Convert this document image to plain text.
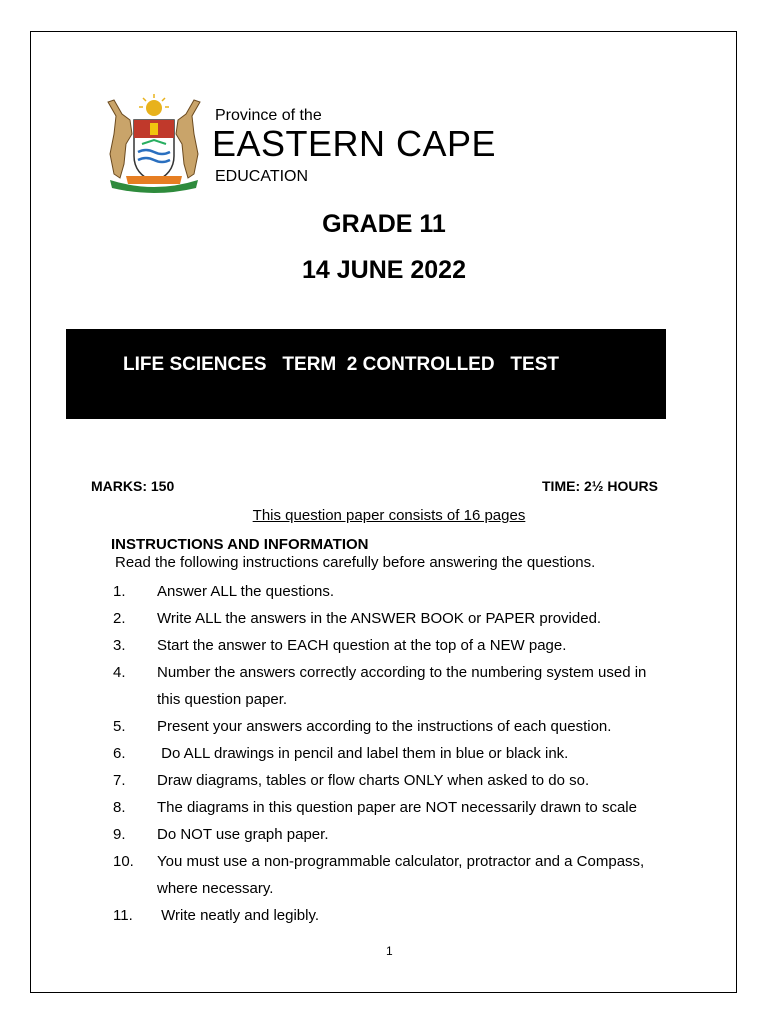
Province of the
EASTERN CAPE
EDUCATION
GRADE 11
14 JUNE 2022
LIFE SCIENCES   TERM  2 CONTROLLED   TEST
MARKS: 150	TIME: 2½ HOURS
This question paper consists of 16 pages
INSTRUCTIONS AND INFORMATION
Read the following instructions carefully before answering the questions.
1. Answer ALL the questions.
2. Write ALL the answers in the ANSWER BOOK or PAPER provided.
3. Start the answer to EACH question at the top of a NEW page.
4. Number the answers correctly according to the numbering system used in this question paper.
5. Present your answers according to the instructions of each question.
6. Do ALL drawings in pencil and label them in blue or black ink.
7. Draw diagrams, tables or flow charts ONLY when asked to do so.
8. The diagrams in this question paper are NOT necessarily drawn to scale
9. Do NOT use graph paper.
10. You must use a non-programmable calculator, protractor and a Compass, where necessary.
11. Write neatly and legibly.
1
